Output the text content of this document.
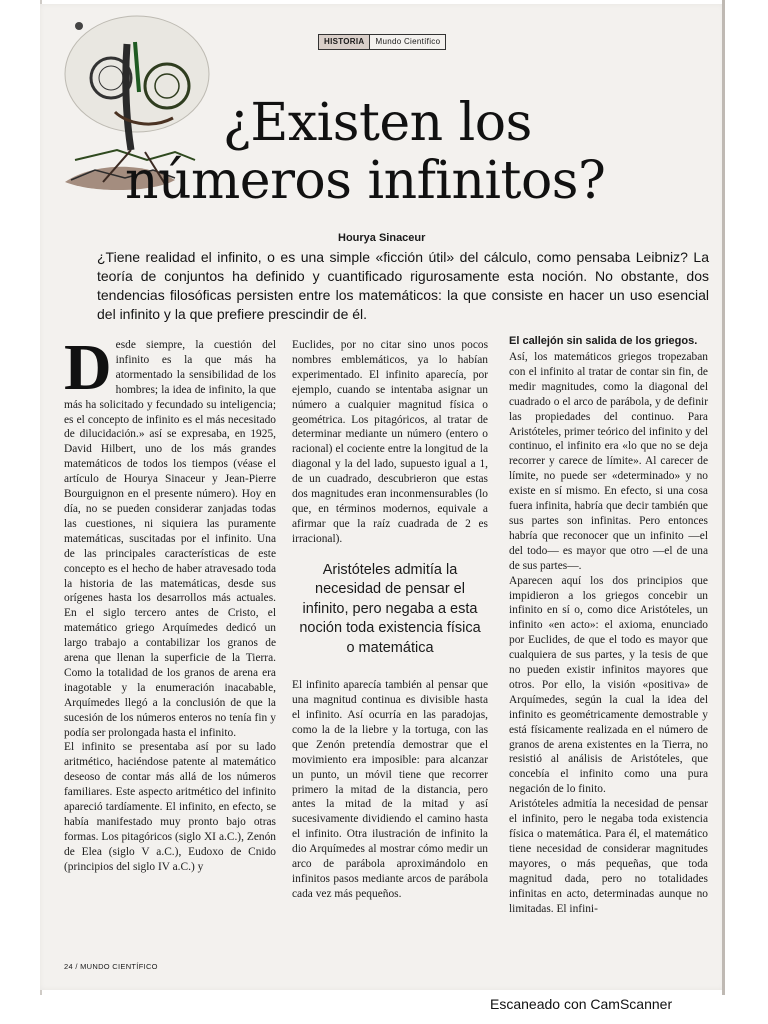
HISTORIA	Mundo Científico
¿Existen los
números infinitos?
Hourya Sinaceur
¿Tiene realidad el infinito, o es una simple «ficción útil» del cálculo, como pensaba Leibniz? La teoría de conjuntos ha definido y cuantificado rigurosamente esta noción. No obstante, dos tendencias filosóficas persisten entre los matemáticos: la que consiste en hacer un uso esencial del infinito y la que prefiere prescindir de él.
D esde siempre, la cuestión del infinito es la que más ha atormentado la sensibilidad de los hombres; la idea de infinito, la que más ha solicitado y fecundado su inteligencia; es el concepto de infinito es el más necesitado de dilucidación.» así se expresaba, en 1925, David Hilbert, uno de los más grandes matemáticos de todos los tiempos (véase el artículo de Hourya Sinaceur y Jean-Pierre Bourguignon en el presente número). Hoy en día, no se pueden considerar zanjadas todas las cuestiones, ni siquiera las puramente matemáticas, suscitadas por el infinito. Una de las principales características de este concepto es el hecho de haber atravesado toda la historia de las matemáticas, desde sus orígenes hasta los desarrollos más actuales. En el siglo tercero antes de Cristo, el matemático griego Arquímedes dedicó un largo trabajo a contabilizar los granos de arena que llenan la superficie de la Tierra. Como la totalidad de los granos de arena era inagotable y la enumeración inacabable, Arquímedes llegó a la conclusión de que la sucesión de los números enteros no tenía fin y podía ser prolongada hasta el infinito.

El infinito se presentaba así por su lado aritmético, haciéndose patente al matemático deseoso de contar más allá de los números familiares. Este aspecto aritmético del infinito apareció tardíamente. El infinito, en efecto, se había manifestado muy pronto bajo otras formas. Los pitagóricos (siglo XI a.C.), Zenón de Elea (siglo V a.C.), Eudoxo de Cnido (principios del siglo IV a.C.) y

Euclides, por no citar sino unos pocos nombres emblemáticos, ya lo habían experimentado. El infinito aparecía, por ejemplo, cuando se intentaba asignar un número a cualquier magnitud física o geométrica. Los pitagóricos, al tratar de determinar mediante un número (entero o racional) el cociente entre la longitud de la diagonal y la del lado, supuesto igual a 1, de un cuadrado, descubrieron que estas dos magnitudes eran inconmensurables (lo que, en términos modernos, equivale a afirmar que la raíz cuadrada de 2 es irracional).

Aristóteles admitía la necesidad de pensar el infinito, pero negaba a esta noción toda existencia física o matemática

El infinito aparecía también al pensar que una magnitud continua es divisible hasta el infinito. Así ocurría en las paradojas, como la de la liebre y la tortuga, con las que Zenón pretendía demostrar que el movimiento era imposible: para alcanzar un punto, un móvil tiene que recorrer primero la mitad de la distancia, pero antes la mitad de la mitad y así sucesivamente dividiendo el camino hasta el infinito. Otra ilustración de infinito la dio Arquímedes al mostrar cómo medir un arco de parábola aproximándolo en infinitos pasos mediante arcos de parábola cada vez más pequeños.

El callejón sin salida de los griegos.

Así, los matemáticos griegos tropezaban con el infinito al tratar de contar sin fin, de medir magnitudes, como la diagonal del cuadrado o el arco de parábola, y de definir las propiedades del continuo. Para Aristóteles, primer teórico del infinito y del continuo, el infinito era «lo que no se deja recorrer y carece de límite». Al carecer de límite, no puede ser «determinado» y no existe en sí mismo. En efecto, si una cosa fuera infinita, habría que decir también que sus partes son infinitas. Pero entonces habría que reconocer que un infinito —el del todo— es mayor que otro —el de una de sus partes—.

Aparecen aquí los dos principios que impidieron a los griegos concebir un infinito en sí o, como dice Aristóteles, un infinito «en acto»: el axioma, enunciado por Euclides, de que el todo es mayor que cualquiera de sus partes, y la tesis de que no pueden existir infinitos mayores que otros. Por ello, la visión «positiva» de Arquímedes, según la cual la idea del infinito es geométricamente demostrable y está físicamente realizada en el número de granos de arena existentes en la Tierra, no resistió al análisis de Aristóteles, que concebía el infinito como una pura negación de lo finito.

Aristóteles admitía la necesidad de pensar el infinito, pero le negaba toda existencia física o matemática. Para él, el matemático tiene necesidad de considerar magnitudes mayores, o más pequeñas, que toda magnitud dada, pero no totalidades infinitas en acto, determinadas aunque no limitadas. El infini-

24 / MUNDO CIENTÍFICO
Escaneado con CamScanner
